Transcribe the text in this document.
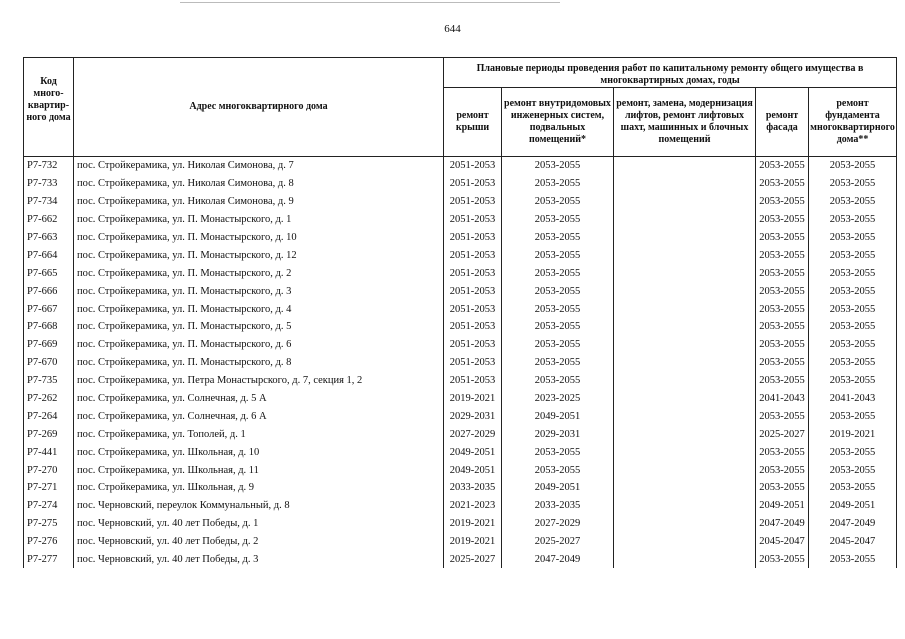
644
Код много-квартир-ного дома	Адрес многоквартирного дома	Плановые периоды проведения работ по капитальному ремонту общего имущества в многоквартирных домах, годы				
		ремонт крыши	ремонт внутридомовых инженерных систем, подвальных помещений*	ремонт, замена, модернизация лифтов, ремонт лифтовых шахт, машинных и блочных помещений	ремонт фасада	ремонт фундамента многоквартирного дома**
Р7-732	пос. Стройкерамика, ул. Николая Симонова, д. 7	2051-2053	2053-2055		2053-2055	2053-2055
Р7-733	пос. Стройкерамика, ул. Николая Симонова, д. 8	2051-2053	2053-2055		2053-2055	2053-2055
Р7-734	пос. Стройкерамика, ул. Николая Симонова, д. 9	2051-2053	2053-2055		2053-2055	2053-2055
Р7-662	пос. Стройкерамика, ул. П. Монастырского, д. 1	2051-2053	2053-2055		2053-2055	2053-2055
Р7-663	пос. Стройкерамика, ул. П. Монастырского, д. 10	2051-2053	2053-2055		2053-2055	2053-2055
Р7-664	пос. Стройкерамика, ул. П. Монастырского, д. 12	2051-2053	2053-2055		2053-2055	2053-2055
Р7-665	пос. Стройкерамика, ул. П. Монастырского, д. 2	2051-2053	2053-2055		2053-2055	2053-2055
Р7-666	пос. Стройкерамика, ул. П. Монастырского, д. 3	2051-2053	2053-2055		2053-2055	2053-2055
Р7-667	пос. Стройкерамика, ул. П. Монастырского, д. 4	2051-2053	2053-2055		2053-2055	2053-2055
Р7-668	пос. Стройкерамика, ул. П. Монастырского, д. 5	2051-2053	2053-2055		2053-2055	2053-2055
Р7-669	пос. Стройкерамика, ул. П. Монастырского, д. 6	2051-2053	2053-2055		2053-2055	2053-2055
Р7-670	пос. Стройкерамика, ул. П. Монастырского, д. 8	2051-2053	2053-2055		2053-2055	2053-2055
Р7-735	пос. Стройкерамика, ул. Петра Монастырского, д. 7, секция 1, 2	2051-2053	2053-2055		2053-2055	2053-2055
Р7-262	пос. Стройкерамика, ул. Солнечная, д. 5 А	2019-2021	2023-2025		2041-2043	2041-2043
Р7-264	пос. Стройкерамика, ул. Солнечная, д. 6 А	2029-2031	2049-2051		2053-2055	2053-2055
Р7-269	пос. Стройкерамика, ул. Тополей, д. 1	2027-2029	2029-2031		2025-2027	2019-2021
Р7-441	пос. Стройкерамика, ул. Школьная, д. 10	2049-2051	2053-2055		2053-2055	2053-2055
Р7-270	пос. Стройкерамика, ул. Школьная, д. 11	2049-2051	2053-2055		2053-2055	2053-2055
Р7-271	пос. Стройкерамика, ул. Школьная, д. 9	2033-2035	2049-2051		2053-2055	2053-2055
Р7-274	пос. Черновский, переулок Коммунальный, д. 8	2021-2023	2033-2035		2049-2051	2049-2051
Р7-275	пос. Черновский, ул. 40 лет Победы, д. 1	2019-2021	2027-2029		2047-2049	2047-2049
Р7-276	пос. Черновский, ул. 40 лет Победы, д. 2	2019-2021	2025-2027		2045-2047	2045-2047
Р7-277	пос. Черновский, ул. 40 лет Победы, д. 3	2025-2027	2047-2049		2053-2055	2053-2055
